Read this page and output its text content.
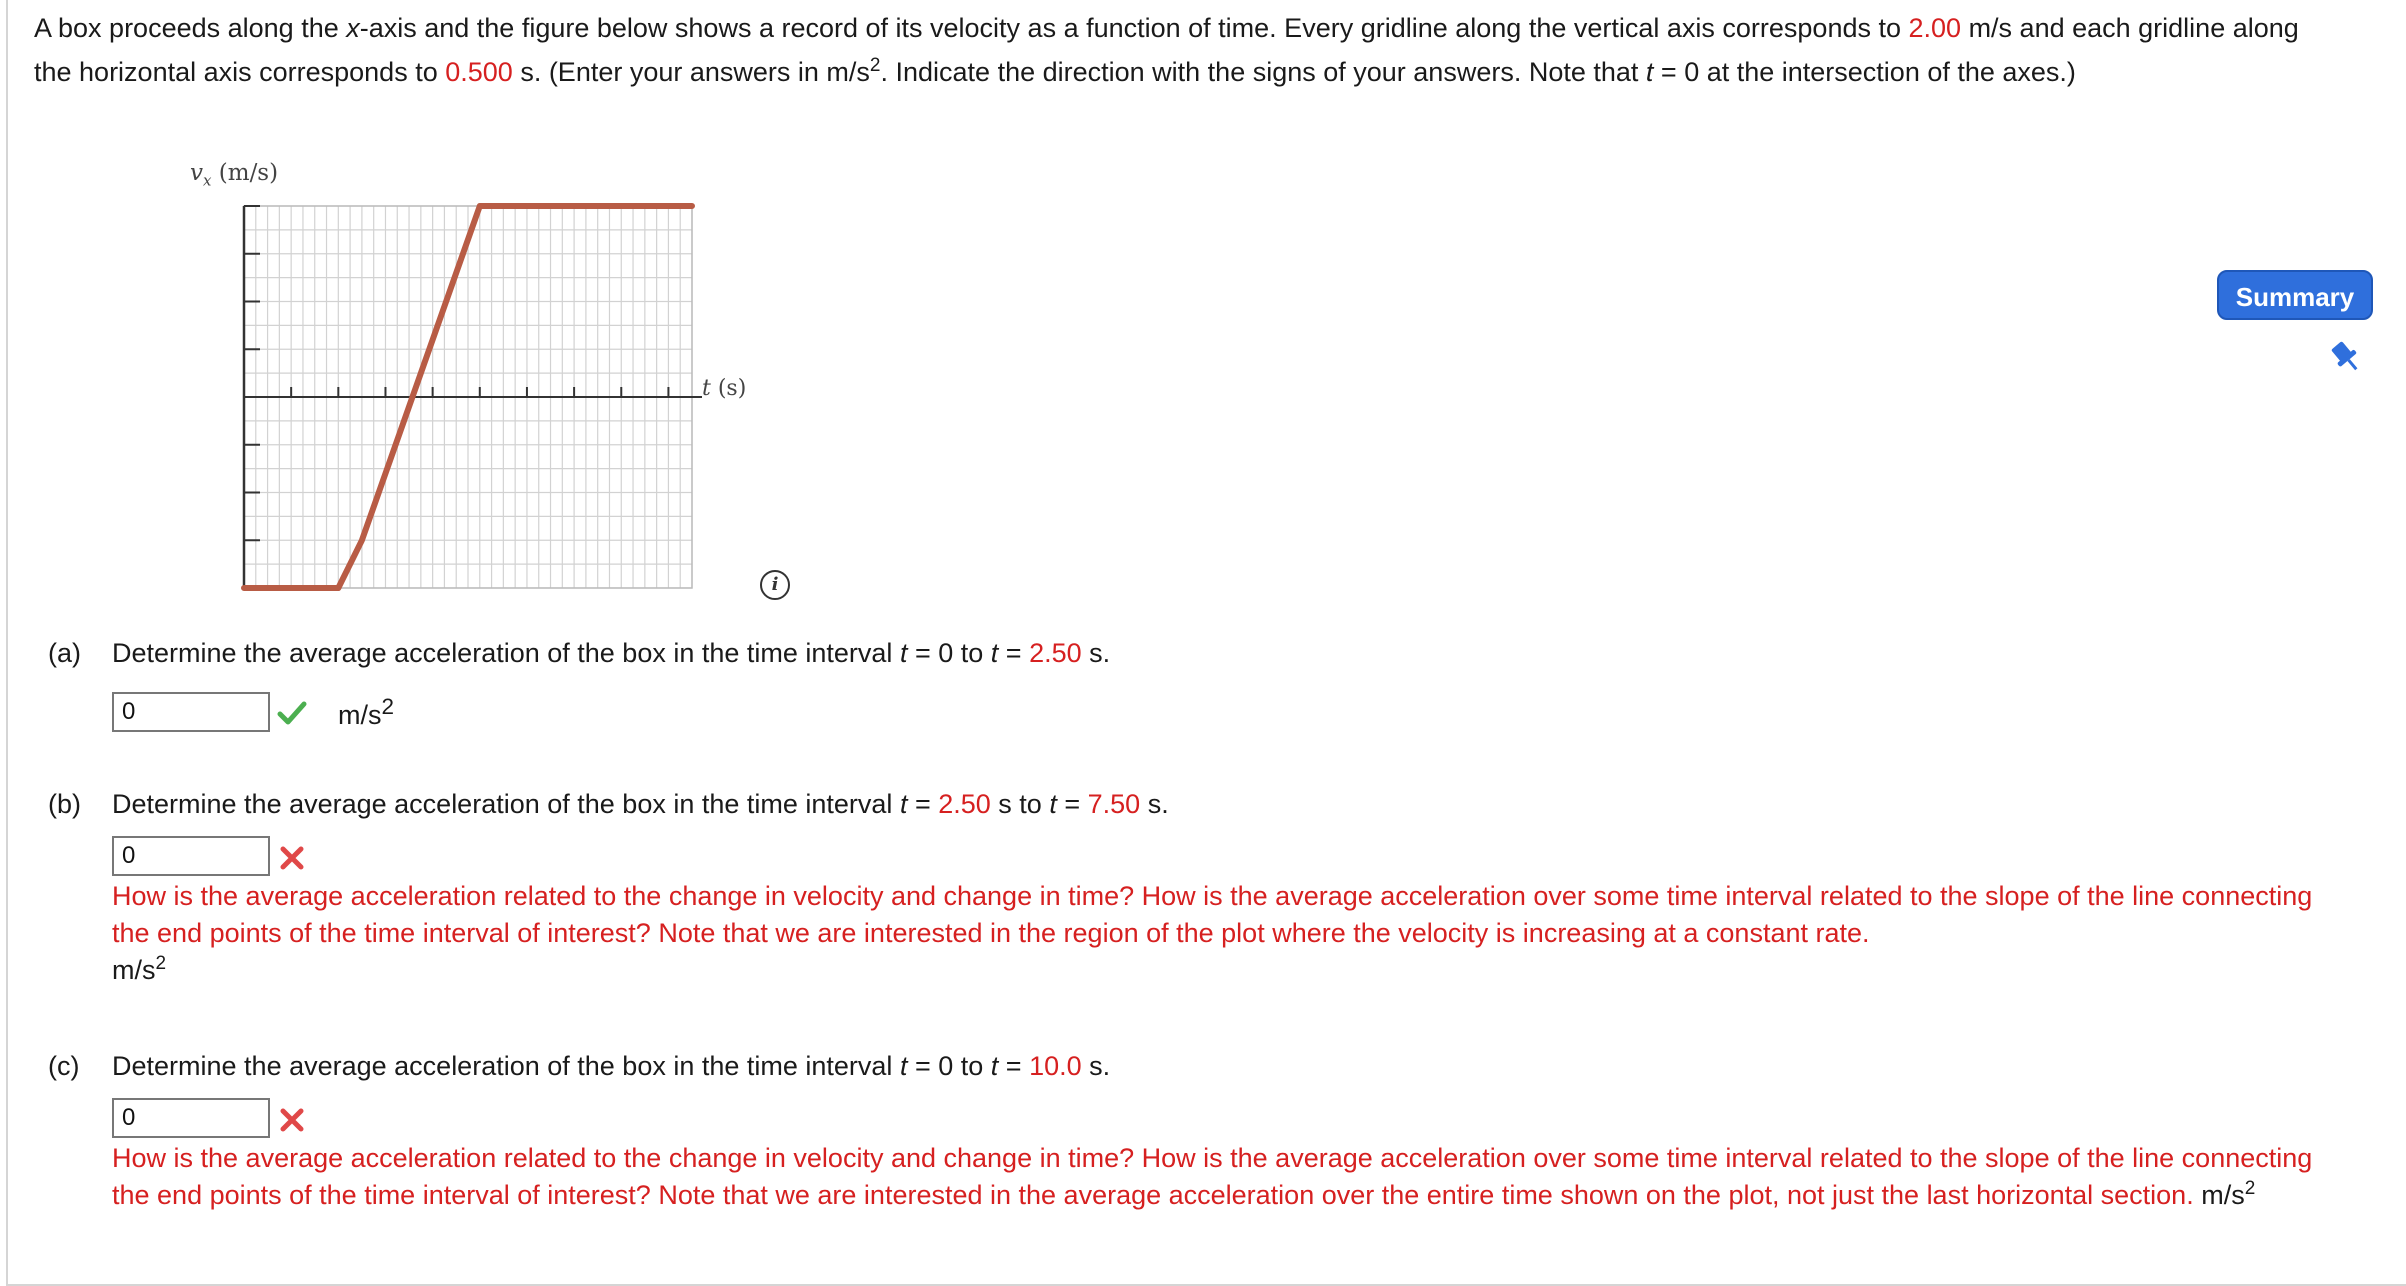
A box proceeds along the x-axis and the figure below shows a record of its velocity as a function of time. Every gridline along the vertical axis corresponds to 2.00 m/s and each gridline along the horizontal axis corresponds to 0.500 s. (Enter your answers in $m/s^2$. Indicate the direction with the signs of your answers. Note that t = 0 at the intersection of the axes.)
$v_x$ (m/s)
t (s)
i
Summary
(a) Determine the average acceleration of the box in the time interval t = 0 to t = 2.50 s.
0
$m/s^2$
(b) Determine the average acceleration of the box in the time interval t = 2.50 s to t = 7.50 s.
0
How is the average acceleration related to the change in velocity and change in time? How is the average acceleration over some time interval related to the slope of the line connecting the end points of the time interval of interest? Note that we are interested in the region of the plot where the velocity is increasing at a constant rate.
$m/s^2$
(c) Determine the average acceleration of the box in the time interval t = 0 to t = 10.0 s.
0
How is the average acceleration related to the change in velocity and change in time? How is the average acceleration over some time interval related to the slope of the line connecting the end points of the time interval of interest? Note that we are interested in the average acceleration over the entire time shown on the plot, not just the last horizontal section. $m/s^2$
